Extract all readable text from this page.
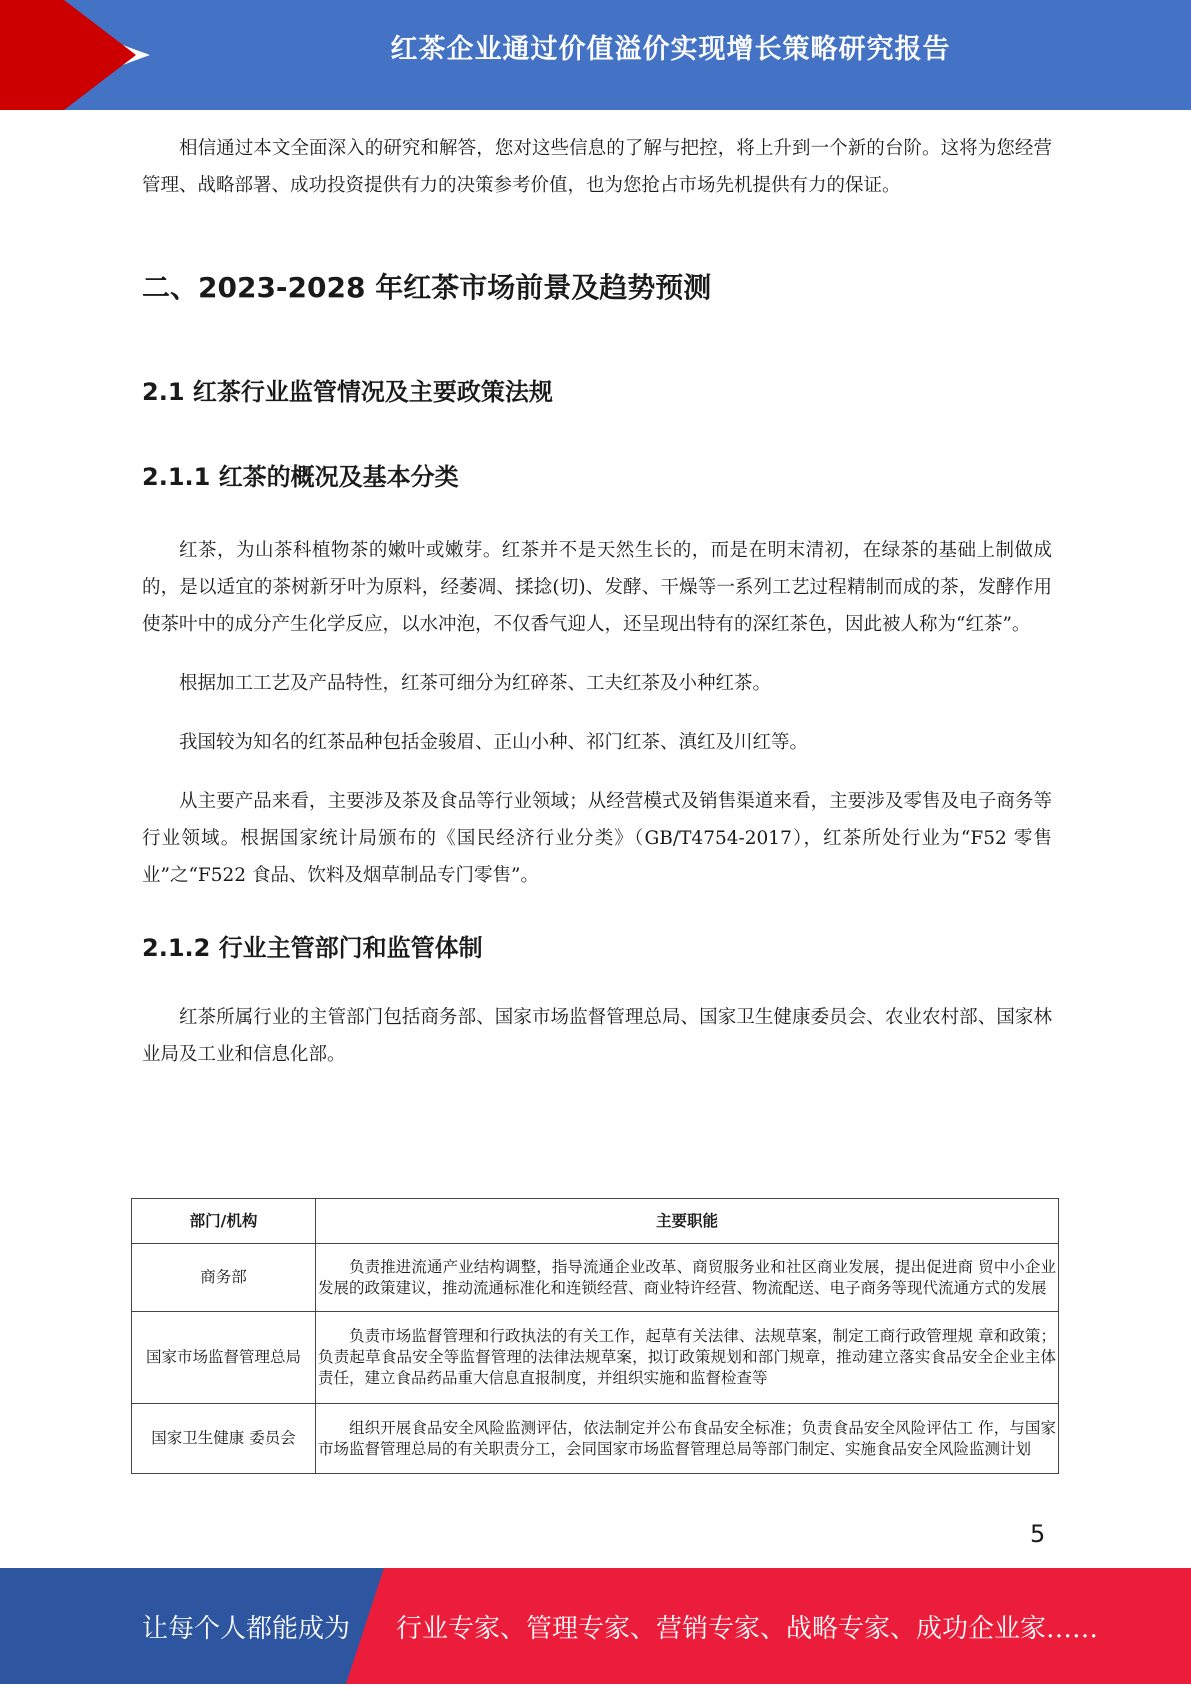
红茶企业通过价值溢价实现增长策略研究报告

相信通过本文全面深入的研究和解答，您对这些信息的了解与把控，将上升到一个新的台阶。这将为您经营管理、战略部署、成功投资提供有力的决策参考价值，也为您抢占市场先机提供有力的保证。

二、2023-2028 年红茶市场前景及趋势预测
2.1 红茶行业监管情况及主要政策法规
2.1.1 红茶的概况及基本分类

红茶，为山茶科植物茶的嫩叶或嫩芽。红茶并不是天然生长的，而是在明末清初，在绿茶的基础上制做成的，是以适宜的茶树新牙叶为原料，经萎凋、揉捻(切)、发酵、干燥等一系列工艺过程精制而成的茶，发酵作用使茶叶中的成分产生化学反应，以水冲泡，不仅香气迎人，还呈现出特有的深红茶色，因此被人称为“红茶”。

根据加工工艺及产品特性，红茶可细分为红碎茶、工夫红茶及小种红茶。

我国较为知名的红茶品种包括金骏眉、正山小种、祁门红茶、滇红及川红等。

从主要产品来看，主要涉及茶及食品等行业领域；从经营模式及销售渠道来看，主要涉及零售及电子商务等行业领域。根据国家统计局颁布的《国民经济行业分类》（GB/T4754-2017），红茶所处行业为“F52 零售业”之“F522 食品、饮料及烟草制品专门零售”。

2.1.2 行业主管部门和监管体制

红茶所属行业的主管部门包括商务部、国家市场监督管理总局、国家卫生健康委员会、农业农村部、国家林业局及工业和信息化部。

部门/机构	主要职能
商务部	负责推进流通产业结构调整，指导流通企业改革、商贸服务业和社区商业发展，提出促进商 贸中小企业发展的政策建议，推动流通标准化和连锁经营、商业特许经营、物流配送、电子商务等现代流通方式的发展
国家市场监督管理总局	负责市场监督管理和行政执法的有关工作，起草有关法律、法规草案，制定工商行政管理规 章和政策；负责起草食品安全等监督管理的法律法规草案，拟订政策规划和部门规章，推动建立落实食品安全企业主体责任，建立食品药品重大信息直报制度，并组织实施和监督检查等
国家卫生健康 委员会	组织开展食品安全风险监测评估，依法制定并公布食品安全标准；负责食品安全风险评估工 作，与国家市场监督管理总局的有关职责分工，会同国家市场监督管理总局等部门制定、实施食品安全风险监测计划
5
让每个人都能成为 行业专家、管理专家、营销专家、战略专家、成功企业家……
